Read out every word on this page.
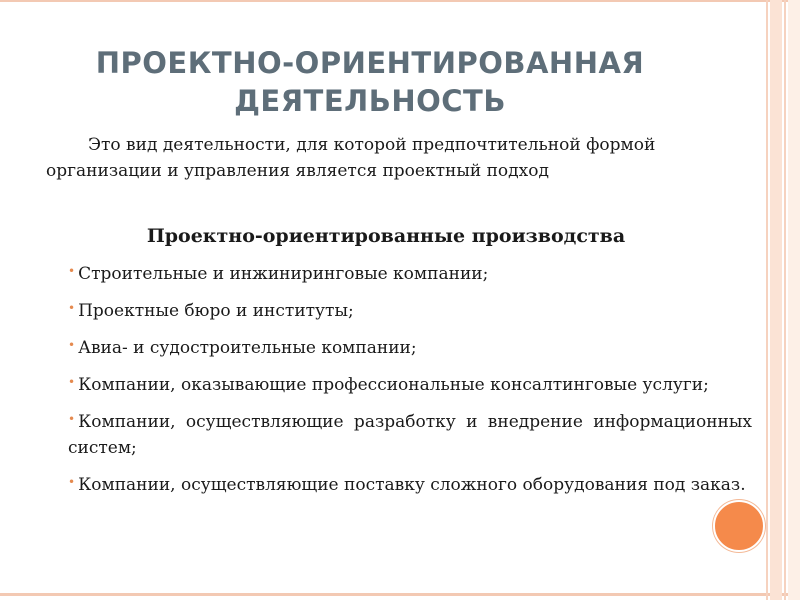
ПРОЕКТНО-ОРИЕНТИРОВАННАЯ ДЕЯТЕЛЬНОСТЬ
Это вид деятельности, для которой предпочтительной формой организации и управления является проектный подход
Проектно-ориентированные производства
• Строительные и инжиниринговые компании;
• Проектные бюро и институты;
• Авиа- и судостроительные компании;
• Компании, оказывающие профессиональные консалтинговые услуги;
• Компании, осуществляющие разработку и внедрение информационных систем;
• Компании, осуществляющие поставку сложного оборудования под заказ.
